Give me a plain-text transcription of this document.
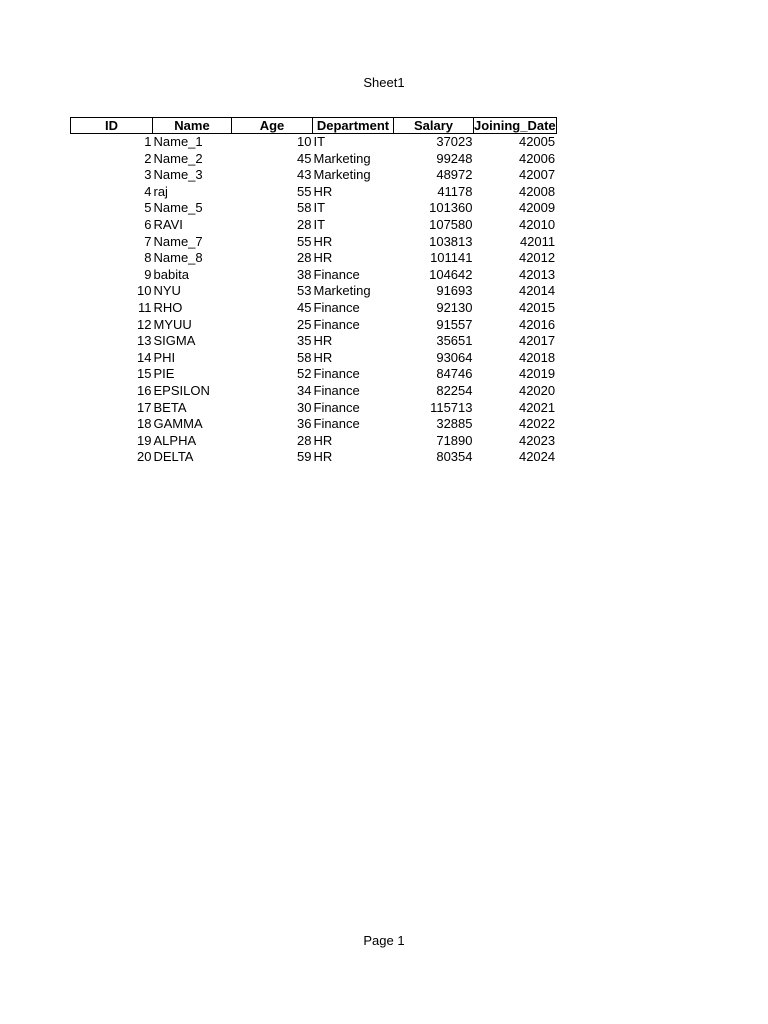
Sheet1
ID	Name	Age	Department	Salary	Joining_Date
1	Name_1	10	IT	37023	42005
2	Name_2	45	Marketing	99248	42006
3	Name_3	43	Marketing	48972	42007
4	raj	55	HR	41178	42008
5	Name_5	58	IT	101360	42009
6	RAVI	28	IT	107580	42010
7	Name_7	55	HR	103813	42011
8	Name_8	28	HR	101141	42012
9	babita	38	Finance	104642	42013
10	NYU	53	Marketing	91693	42014
11	RHO	45	Finance	92130	42015
12	MYUU	25	Finance	91557	42016
13	SIGMA	35	HR	35651	42017
14	PHI	58	HR	93064	42018
15	PIE	52	Finance	84746	42019
16	EPSILON	34	Finance	82254	42020
17	BETA	30	Finance	115713	42021
18	GAMMA	36	Finance	32885	42022
19	ALPHA	28	HR	71890	42023
20	DELTA	59	HR	80354	42024
Page 1
